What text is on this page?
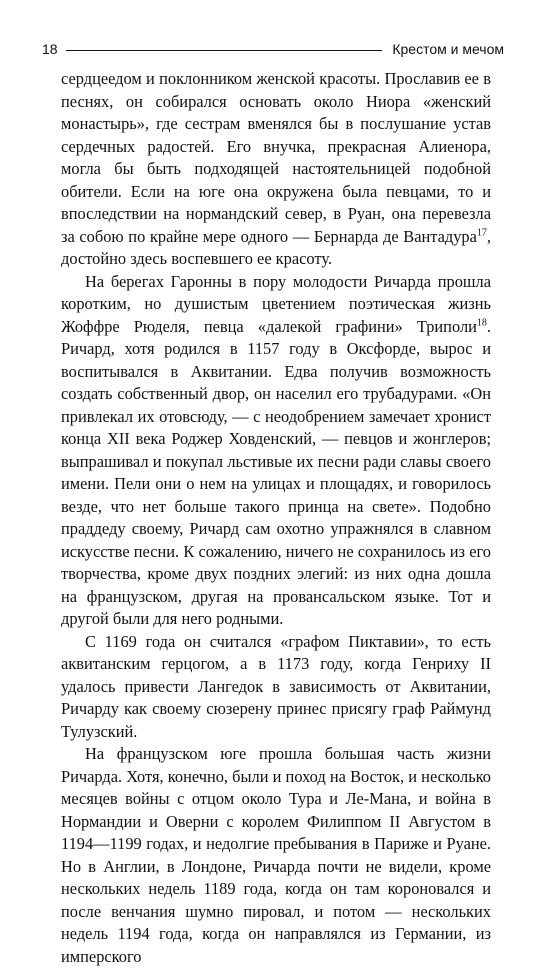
18	Крестом и мечом

сердцеедом и поклонником женской красоты. Прославив ее в песнях, он собирался основать около Ниора «женский монастырь», где сестрам вменялся бы в послушание устав сердечных радостей. Его внучка, прекрасная Алиенора, могла бы быть подходящей настоятельницей подобной обители. Если на юге она окружена была певцами, то и впоследствии на нормандский север, в Руан, она перевезла за собою по крайне мере одного — Бернарда де Вантадура$^{17}$, достойно здесь воспевшего ее красоту.

На берегах Гаронны в пору молодости Ричарда прошла коротким, но душистым цветением поэтическая жизнь Жоффре Рюделя, певца «далекой графини» Триполи$^{18}$. Ричард, хотя родился в 1157 году в Оксфорде, вырос и воспитывался в Аквитании. Едва получив возможность создать собственный двор, он населил его трубадурами. «Он привлекал их отовсюду, — с неодобрением замечает хронист конца XII века Роджер Ховденский, — певцов и жонглеров; выпрашивал и покупал льстивые их песни ради славы своего имени. Пели они о нем на улицах и площадях, и говорилось везде, что нет больше такого принца на свете». Подобно праддеду своему, Ричард сам охотно упражнялся в славном искусстве песни. К сожалению, ничего не сохранилось из его творчества, кроме двух поздних элегий: из них одна дошла на французском, другая на провансальском языке. Тот и другой были для него родными.

С 1169 года он считался «графом Пиктавии», то есть аквитанским герцогом, а в 1173 году, когда Генриху II удалось привести Лангедок в зависимость от Аквитании, Ричарду как своему сюзерену принес присягу граф Раймунд Тулузский.

На французском юге прошла большая часть жизни Ричарда. Хотя, конечно, были и поход на Восток, и несколько месяцев войны с отцом около Тура и Ле-Мана, и война в Нормандии и Оверни с королем Филиппом II Августом в 1194—1199 годах, и недолгие пребывания в Париже и Руане. Но в Англии, в Лондоне, Ричарда почти не видели, кроме нескольких недель 1189 года, когда он там короновался и после венчания шумно пировал, и потом — нескольких недель 1194 года, когда он направлялся из Германии, из имперского
